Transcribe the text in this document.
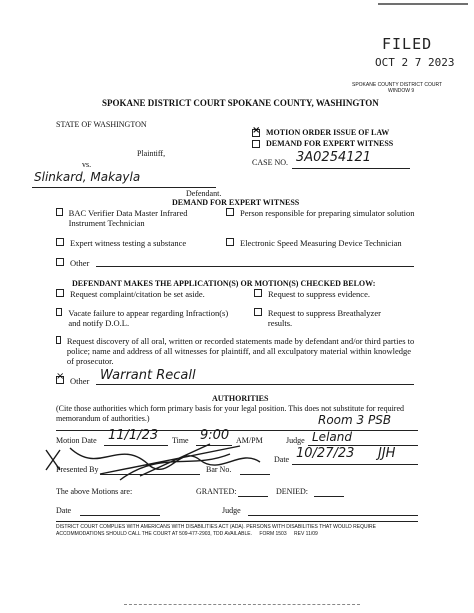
FILED
OCT 2 7 2023
SPOKANE COUNTY DISTRICT COURT
WINDOW 9
SPOKANE DISTRICT COURT SPOKANE COUNTY, WASHINGTON
STATE OF WASHINGTON
Plaintiff,
vs.
Slinkard, Makayla
Defendant.
×MOTION ORDER ISSUE OF LAW
DEMAND FOR EXPERT WITNESS
CASE NO. 3A0254121
DEMAND FOR EXPERT WITNESS
BAC Verifier Data Master Infrared Instrument Technician
Person responsible for preparing simulator solution
Expert witness testing a substance	Electronic Speed Measuring Device Technician
Other
DEFENDANT MAKES THE APPLICATION(S) OR MOTION(S) CHECKED BELOW:
Request complaint/citation be set aside.	Request to suppress evidence.
Vacate failure to appear regarding Infraction(s) and notify D.O.L.
Request to suppress Breathalyzer results.
Request discovery of all oral, written or recorded statements made by defendant and/or third parties to police; name and address of all witnesses for plaintiff, and all exculpatory material within knowledge of prosecutor.
×
Other Warrant Recall
AUTHORITIES
(Cite those authorities which form primary basis for your legal position. This does not substitute for required memorandum of authorities.)	Room 3 PSB
Motion Date 11/1/23 Time 9:00 AM/PM	Judge Leland
Presented By	Bar No.
Date 10/27/23 JJH
The above Motions are:	GRANTED:	DENIED:
Date	Judge
DISTRICT COURT COMPLIES WITH AMERICANS WITH DISABILITIES ACT (ADA). PERSONS WITH DISABILITIES THAT WOULD REQUIRE ACCOMMODATIONS SHOULD CALL THE COURT AT 509-477-2903, TDD AVAILABLE. FORM 1503 REV 11/09
